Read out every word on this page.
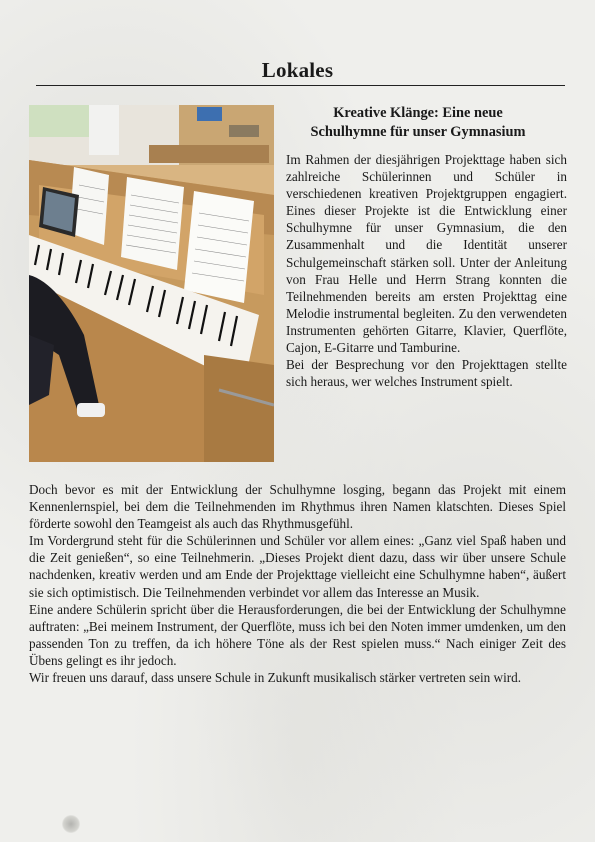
Lokales
Kreative Klänge: Eine neue
Schulhymne für unser Gymnasium

Im Rahmen der diesjährigen Projekttage haben sich zahlreiche Schülerinnen und Schüler in verschiedenen kreativen Projektgruppen engagiert. Eines dieser Projekte ist die Entwicklung einer Schulhymne für unser Gymnasium, die den Zusammenhalt und die Identität unserer Schulgemeinschaft stärken soll. Unter der Anleitung von Frau Helle und Herrn Strang konnten die Teilnehmenden bereits am ersten Projekttag eine Melodie instrumental begleiten. Zu den verwendeten Instrumenten gehörten Gitarre, Klavier, Querflöte, Cajon, E-Gitarre und Tamburine.

Bei der Besprechung vor den Projekttagen stellte sich heraus, wer welches Instrument spielt.

Doch bevor es mit der Entwicklung der Schulhymne losging, begann das Projekt mit einem Kennenlernspiel, bei dem die Teilnehmenden im Rhythmus ihren Namen klatschten. Dieses Spiel förderte sowohl den Teamgeist als auch das Rhythmusgefühl.

Im Vordergrund steht für die Schülerinnen und Schüler vor allem eines: „Ganz viel Spaß haben und die Zeit genießen“, so eine Teilnehmerin. „Dieses Projekt dient dazu, dass wir über unsere Schule nachdenken, kreativ werden und am Ende der Projekttage vielleicht eine Schulhymne haben“, äußert sie sich optimistisch. Die Teilnehmenden verbindet vor allem das Interesse an Musik.

Eine andere Schülerin spricht über die Herausforderungen, die bei der Entwicklung der Schulhymne auftraten: „Bei meinem Instrument, der Querflöte, muss ich bei den Noten immer umdenken, um den passenden Ton zu treffen, da ich höhere Töne als der Rest spielen muss.“ Nach einiger Zeit des Übens gelingt es ihr jedoch.

Wir freuen uns darauf, dass unsere Schule in Zukunft musikalisch stärker vertreten sein wird.
